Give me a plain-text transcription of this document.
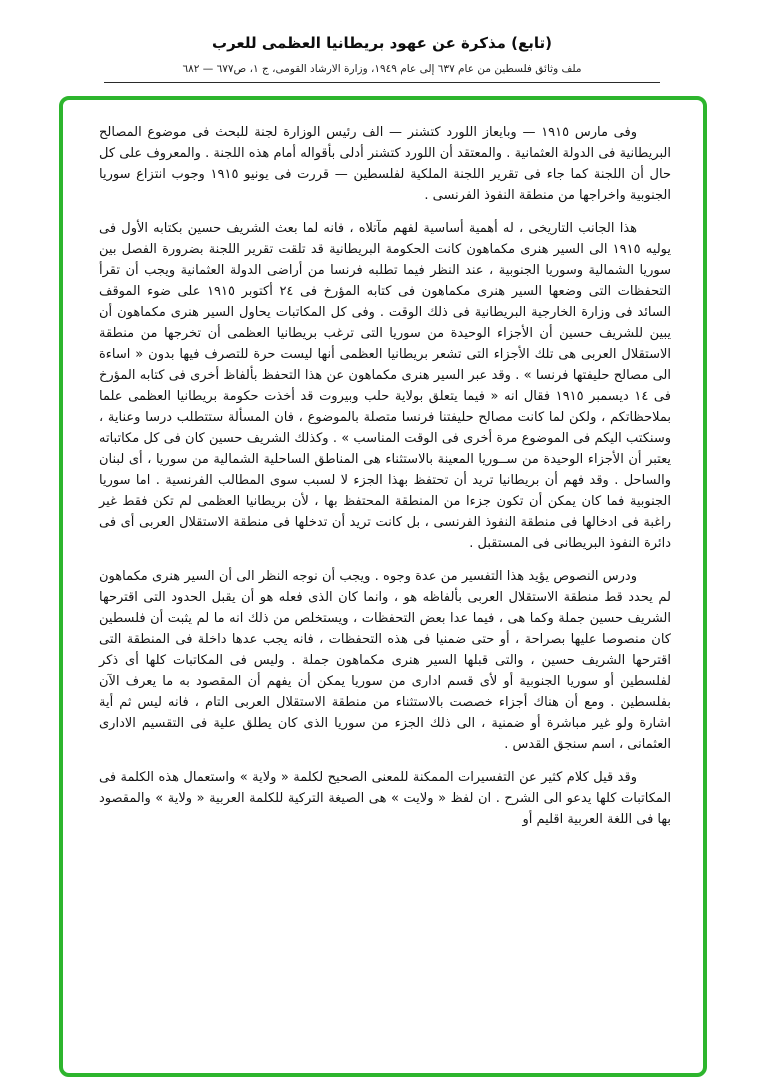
(تابع) مذكرة عن عهود بريطانيا العظمى للعرب
ملف وثائق فلسطين من عام ٦٣٧ إلى عام ١٩٤٩، وزارة الارشاد القومى، ج ١، ص٦٧٧ — ٦٨٢

وفى مارس ١٩١٥ — وبايعاز اللورد كتشنر — الف رئيس الوزارة لجنة للبحث فى موضوع المصالح البريطانية فى الدولة العثمانية . والمعتقد أن اللورد كتشنر أدلى بأقواله أمام هذه اللجنة . والمعروف على كل حال أن اللجنة كما جاء فى تقرير اللجنة الملكية لفلسطين — قررت فى يونيو ١٩١٥ وجوب انتزاع سوريا الجنوبية واخراجها من منطقة النفوذ الفرنسى .

هذا الجانب التاريخى ، له أهمية أساسية لفهم مآتلاه ، فانه لما بعث الشريف حسين بكتابه الأول فى يوليه ١٩١٥ الى السير هنرى مكماهون كانت الحكومة البريطانية قد تلقت تقرير اللجنة بضرورة الفصل بين سوريا الشمالية وسوريا الجنوبية ، عند النظر فيما تطلبه فرنسا من أراضى الدولة العثمانية ويجب أن تقرأ التحفظات التى وضعها السير هنرى مكماهون فى كتابه المؤرخ فى ٢٤ أكتوبر ١٩١٥ على ضوء الموقف السائد فى وزارة الخارجية البريطانية فى ذلك الوقت . وفى كل المكاتبات يحاول السير هنرى مكماهون أن يبين للشريف حسين أن الأجزاء الوحيدة من سوريا التى ترغب بريطانيا العظمى أن تخرجها من منطقة الاستقلال العربى هى تلك الأجزاء التى تشعر بريطانيا العظمى أنها ليست حرة للتصرف فيها بدون « اساءة الى مصالح حليفتها فرنسا » . وقد عبر السير هنرى مكماهون عن هذا التحفظ بألفاظ أخرى فى كتابه المؤرخ فى ١٤ ديسمبر ١٩١٥ فقال انه « فيما يتعلق بولاية حلب وبيروت قد أخذت حكومة بريطانيا العظمى علما بملاحظاتكم ، ولكن لما كانت مصالح حليفتنا فرنسا متصلة بالموضوع ، فان المسألة ستتطلب درسا وعناية ، وسنكتب اليكم فى الموضوع مرة أخرى فى الوقت المناسب » . وكذلك الشريف حسين كان فى كل مكاتباته يعتبر أن الأجزاء الوحيدة من ســوريا المعينة بالاستثناء هى المناطق الساحلية الشمالية من سوريا ، أى لبنان والساحل . وقد فهم أن بريطانيا تريد أن تحتفظ بهذا الجزء لا لسبب سوى المطالب الفرنسية . اما سوريا الجنوبية فما كان يمكن أن تكون جزءا من المنطقة المحتفظ بها ، لأن بريطانيا العظمى لم تكن فقط غير راغبة فى ادخالها فى منطقة النفوذ الفرنسى ، بل كانت تريد أن تدخلها فى منطقة الاستقلال العربى أى فى دائرة النفوذ البريطانى فى المستقبل .

ودرس النصوص يؤيد هذا التفسير من عدة وجوه . ويجب أن نوجه النظر الى أن السير هنرى مكماهون لم يحدد قط منطقة الاستقلال العربى بألفاظه هو ، وانما كان الذى فعله هو أن يقبل الحدود التى اقترحها الشريف حسين جملة وكما هى ، فيما عدا بعض التحفظات ، ويستخلص من ذلك انه ما لم يثبت أن فلسطين كان منصوصا عليها بصراحة ، أو حتى ضمنيا فى هذه التحفظات ، فانه يجب عدها داخلة فى المنطقة التى اقترحها الشريف حسين ، والتى قبلها السير هنرى مكماهون جملة . وليس فى المكاتبات كلها أى ذكر لفلسطين أو سوريا الجنوبية أو لأى قسم ادارى من سوريا يمكن أن يفهم أن المقصود به ما يعرف الآن بفلسطين . ومع أن هناك أجزاء خصصت بالاستثناء من منطقة الاستقلال العربى التام ، فانه ليس ثم أية اشارة ولو غير مباشرة أو ضمنية ، الى ذلك الجزء من سوريا الذى كان يطلق علية فى التقسيم الادارى العثمانى ، اسم سنجق القدس .

وقد قيل كلام كثير عن التفسيرات الممكنة للمعنى الصحيح لكلمة « ولاية » واستعمال هذه الكلمة فى المكاتبات كلها يدعو الى الشرح . ان لفظ « ولايت » هى الصيغة التركية للكلمة العربية « ولاية » والمقصود بها فى اللغة العربية اقليم أو
